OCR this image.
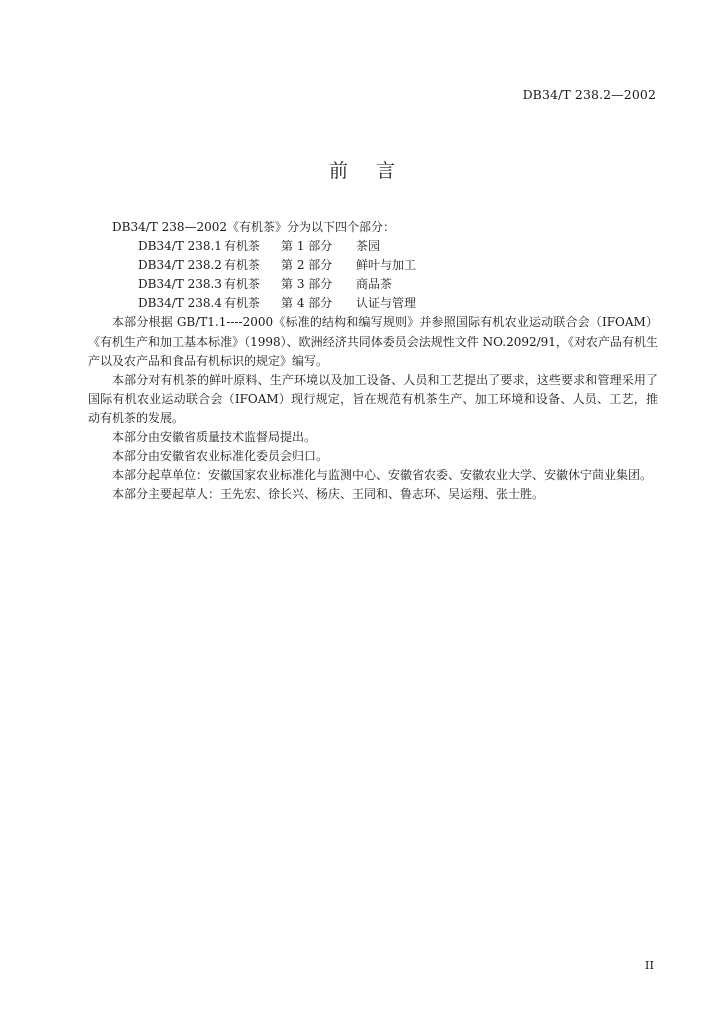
DB34/T 238.2—2002
前言

DB34/T 238—2002《有机茶》分为以下四个部分：

DB34/T 238.1 有机茶	第 1 部分	茶园
DB34/T 238.2 有机茶	第 2 部分	鲜叶与加工
DB34/T 238.3 有机茶	第 3 部分	商品茶
DB34/T 238.4 有机茶	第 4 部分	认证与管理

本部分根据 GB/T1.1----2000《标准的结构和编写规则》并参照国际有机农业运动联合会（IFOAM）《有机生产和加工基本标准》（1998）、欧洲经济共同体委员会法规性文件 NO.2092/91，《对农产品有机生产以及农产品和食品有机标识的规定》编写。

本部分对有机茶的鲜叶原料、生产环境以及加工设备、人员和工艺提出了要求，这些要求和管理采用了国际有机农业运动联合会（IFOAM）现行规定，旨在规范有机茶生产、加工环境和设备、人员、工艺，推动有机茶的发展。

本部分由安徽省质量技术监督局提出。

本部分由安徽省农业标准化委员会归口。

本部分起草单位：安徽国家农业标准化与监测中心、安徽省农委、安徽农业大学、安徽休宁茴业集团。

本部分主要起草人：王先宏、徐长兴、杨庆、王同和、鲁志环、吴运翔、张士胜。

II
